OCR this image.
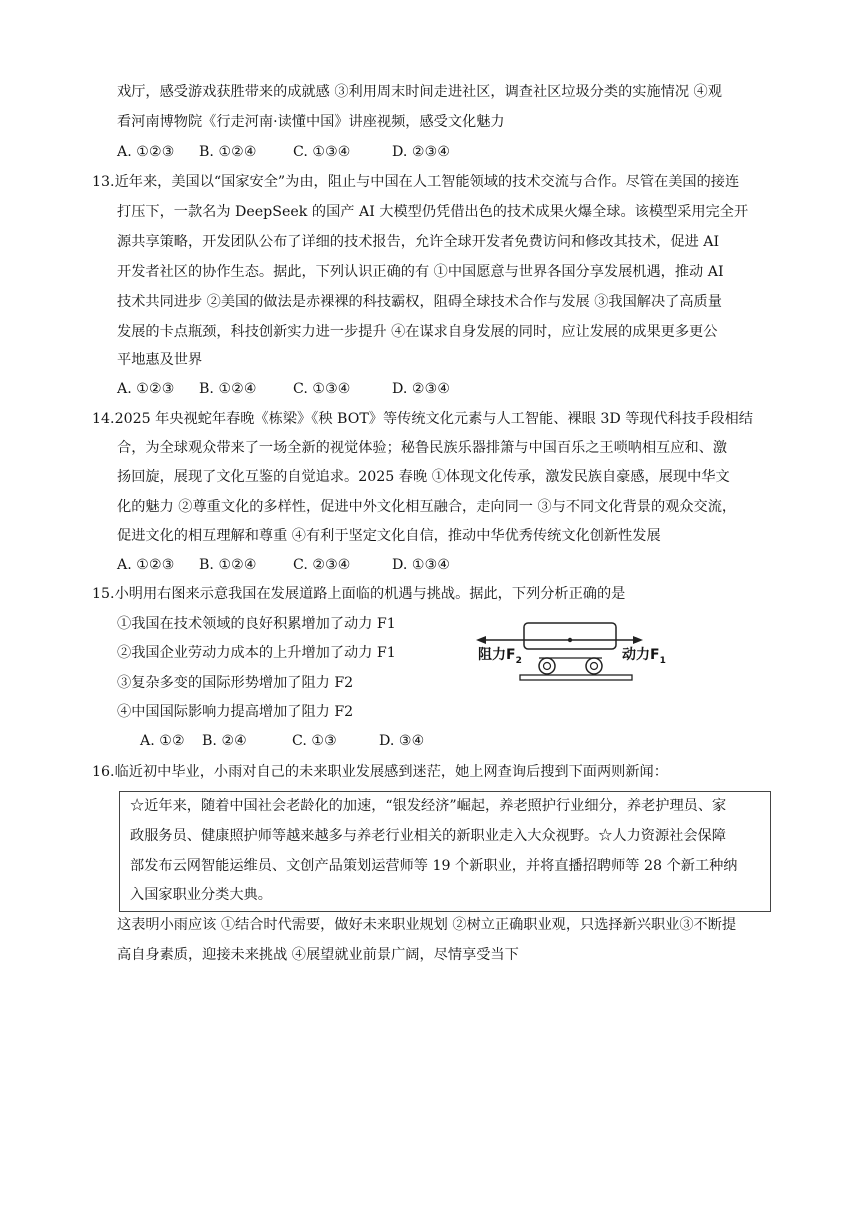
戏厅，感受游戏获胜带来的成就感 ③利用周末时间走进社区，调查社区垃圾分类的实施情况 ④观
看河南博物院《行走河南·读懂中国》讲座视频，感受文化魅力
A. ①②③ B. ①②④	C. ①③④	D. ②③④
13.近年来，美国以“国家安全”为由，阻止与中国在人工智能领域的技术交流与合作。尽管在美国的接连
打压下，一款名为 DeepSeek 的国产 AI 大模型仍凭借出色的技术成果火爆全球。该模型采用完全开
源共享策略，开发团队公布了详细的技术报告，允许全球开发者免费访问和修改其技术，促进 AI
开发者社区的协作生态。据此，下列认识正确的有 ①中国愿意与世界各国分享发展机遇，推动 AI
技术共同进步 ②美国的做法是赤裸裸的科技霸权，阻碍全球技术合作与发展 ③我国解决了高质量
发展的卡点瓶颈，科技创新实力进一步提升 ④在谋求自身发展的同时，应让发展的成果更多更公
平地惠及世界
A. ①②③ B. ①②④	C. ①③④	D. ②③④
14.2025 年央视蛇年春晚《栋梁》《秧 BOT》等传统文化元素与人工智能、裸眼 3D 等现代科技手段相结
合，为全球观众带来了一场全新的视觉体验；秘鲁民族乐器排箫与中国百乐之王唢呐相互应和、激
扬回旋，展现了文化互鉴的自觉追求。2025 春晚 ①体现文化传承，激发民族自豪感，展现中华文
化的魅力 ②尊重文化的多样性，促进中外文化相互融合，走向同一 ③与不同文化背景的观众交流，
促进文化的相互理解和尊重 ④有利于坚定文化自信，推动中华优秀传统文化创新性发展
A. ①②③ B. ①②④	C. ②③④	D. ①③④
15.小明用右图来示意我国在发展道路上面临的机遇与挑战。据此，下列分析正确的是
①我国在技术领域的良好积累增加了动力 F1
②我国企业劳动力成本的上升增加了动力 F1
③复杂多变的国际形势增加了阻力 F2
④中国国际影响力提高增加了阻力 F2
A. ①② B. ②④	C. ①③	D. ③④
阻力$F_2$	动力$F_1$
16.临近初中毕业，小雨对自己的未来职业发展感到迷茫，她上网查询后搜到下面两则新闻：
☆近年来，随着中国社会老龄化的加速，“银发经济”崛起，养老照护行业细分，养老护理员、家
政服务员、健康照护师等越来越多与养老行业相关的新职业走入大众视野。☆人力资源社会保障
部发布云网智能运维员、文创产品策划运营师等 19 个新职业，并将直播招聘师等 28 个新工种纳
入国家职业分类大典。
这表明小雨应该 ①结合时代需要，做好未来职业规划 ②树立正确职业观，只选择新兴职业③不断提
高自身素质，迎接未来挑战 ④展望就业前景广阔，尽情享受当下
